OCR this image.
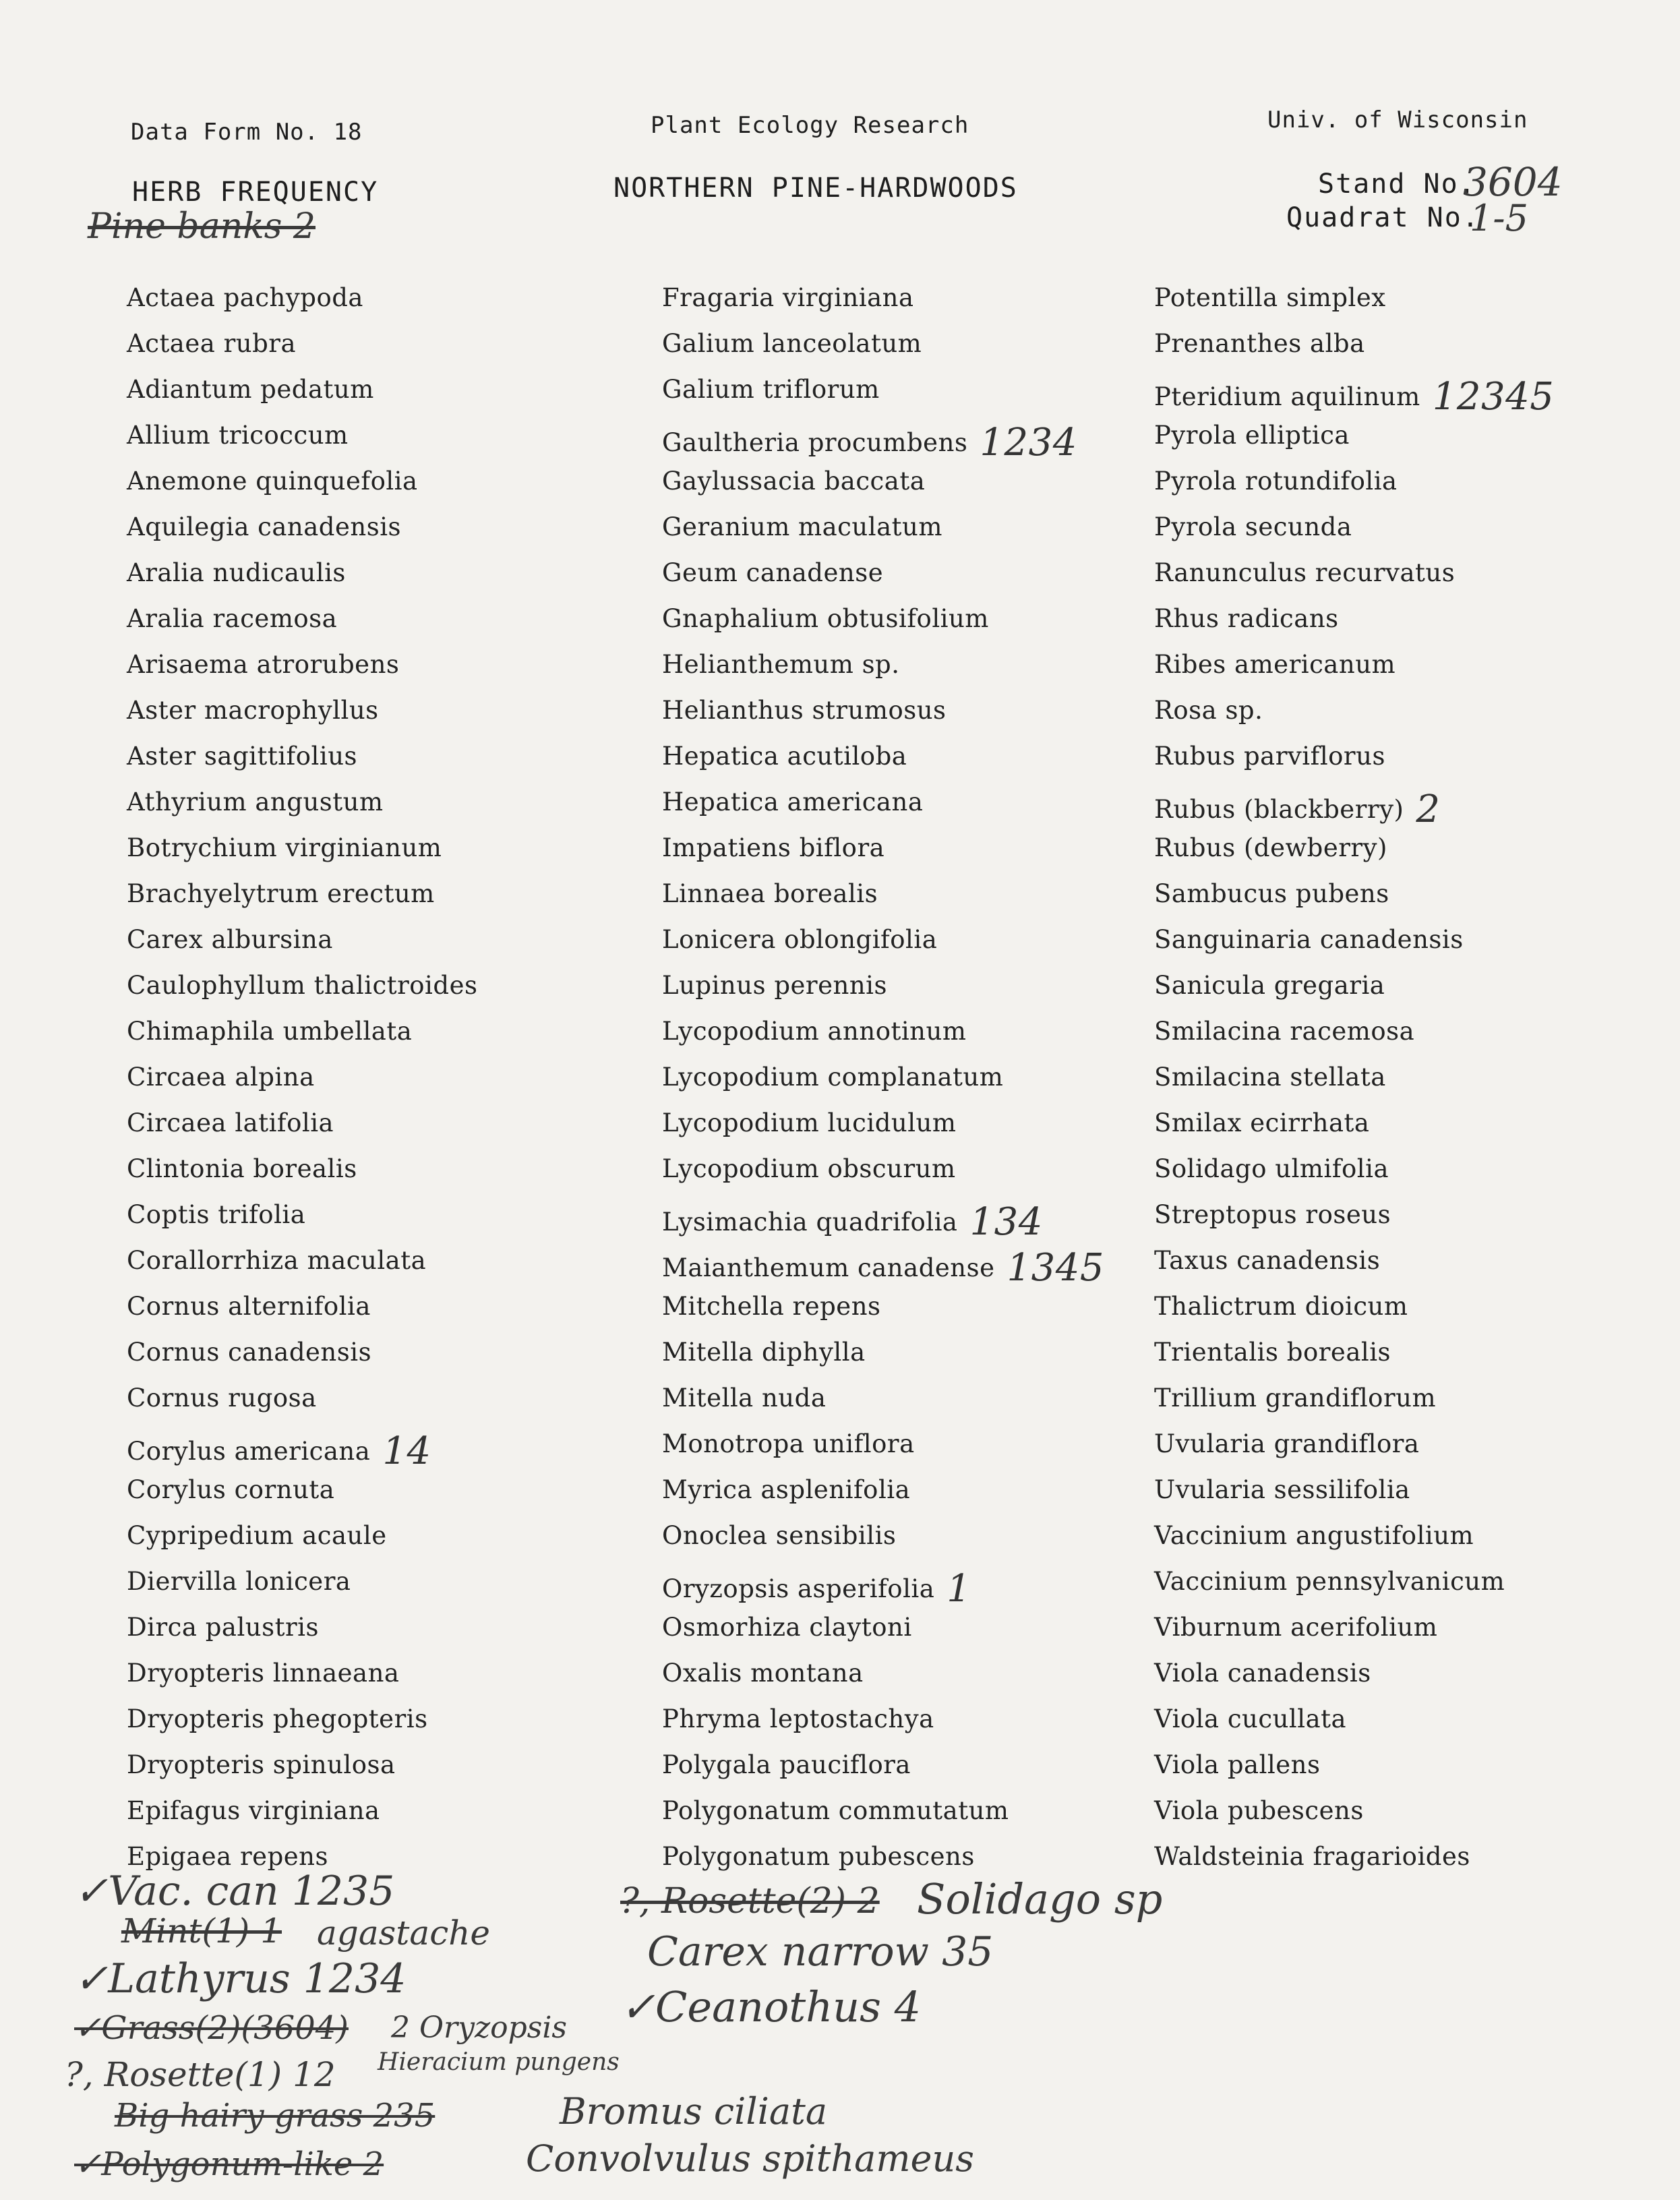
Data Form No. 18	Plant Ecology Research	Univ. of Wisconsin
HERB FREQUENCY	NORTHERN PINE-HARDWOODS	Stand No.
3604
Quadrat No.
1-5
Pine banks 2
Actaea pachypoda
Actaea rubra
Adiantum pedatum
Allium tricoccum
Anemone quinquefolia
Aquilegia canadensis
Aralia nudicaulis
Aralia racemosa
Arisaema atrorubens
Aster macrophyllus
Aster sagittifolius
Athyrium angustum
Botrychium virginianum
Brachyelytrum erectum
Carex albursina
Caulophyllum thalictroides
Chimaphila umbellata
Circaea alpina
Circaea latifolia
Clintonia borealis
Coptis trifolia
Corallorrhiza maculata
Cornus alternifolia
Cornus canadensis
Cornus rugosa
Corylus americana 14
Corylus cornuta
Cypripedium acaule
Diervilla lonicera
Dirca palustris
Dryopteris linnaeana
Dryopteris phegopteris
Dryopteris spinulosa
Epifagus virginiana
Epigaea repens
Fragaria virginiana
Galium lanceolatum
Galium triflorum
Gaultheria procumbens 1234
Gaylussacia baccata
Geranium maculatum
Geum canadense
Gnaphalium obtusifolium
Helianthemum sp.
Helianthus strumosus
Hepatica acutiloba
Hepatica americana
Impatiens biflora
Linnaea borealis
Lonicera oblongifolia
Lupinus perennis
Lycopodium annotinum
Lycopodium complanatum
Lycopodium lucidulum
Lycopodium obscurum
Lysimachia quadrifolia 134
Maianthemum canadense 1345
Mitchella repens
Mitella diphylla
Mitella nuda
Monotropa uniflora
Myrica asplenifolia
Onoclea sensibilis
Oryzopsis asperifolia 1
Osmorhiza claytoni
Oxalis montana
Phryma leptostachya
Polygala pauciflora
Polygonatum commutatum
Polygonatum pubescens
Potentilla simplex
Prenanthes alba
Pteridium aquilinum 12345
Pyrola elliptica
Pyrola rotundifolia
Pyrola secunda
Ranunculus recurvatus
Rhus radicans
Ribes americanum
Rosa sp.
Rubus parviflorus
Rubus (blackberry) 2
Rubus (dewberry)
Sambucus pubens
Sanguinaria canadensis
Sanicula gregaria
Smilacina racemosa
Smilacina stellata
Smilax ecirrhata
Solidago ulmifolia
Streptopus roseus
Taxus canadensis
Thalictrum dioicum
Trientalis borealis
Trillium grandiflorum
Uvularia grandiflora
Uvularia sessilifolia
Vaccinium angustifolium
Vaccinium pennsylvanicum
Viburnum acerifolium
Viola canadensis
Viola cucullata
Viola pallens
Viola pubescens
Waldsteinia fragarioides
✓Vac. can 1235
Mint(1) 1 agastache
✓Lathyrus 1234
✓Grass(2)(3604) 2 Oryzopsis
?, Rosette(1) 12 Hieracium pungens
Big hairy grass 235	Bromus ciliata
✓Polygonum-like 2	Convolvulus spithameus
?, Rosette(2) 2 Solidago sp
Carex narrow 35
✓Ceanothus 4
